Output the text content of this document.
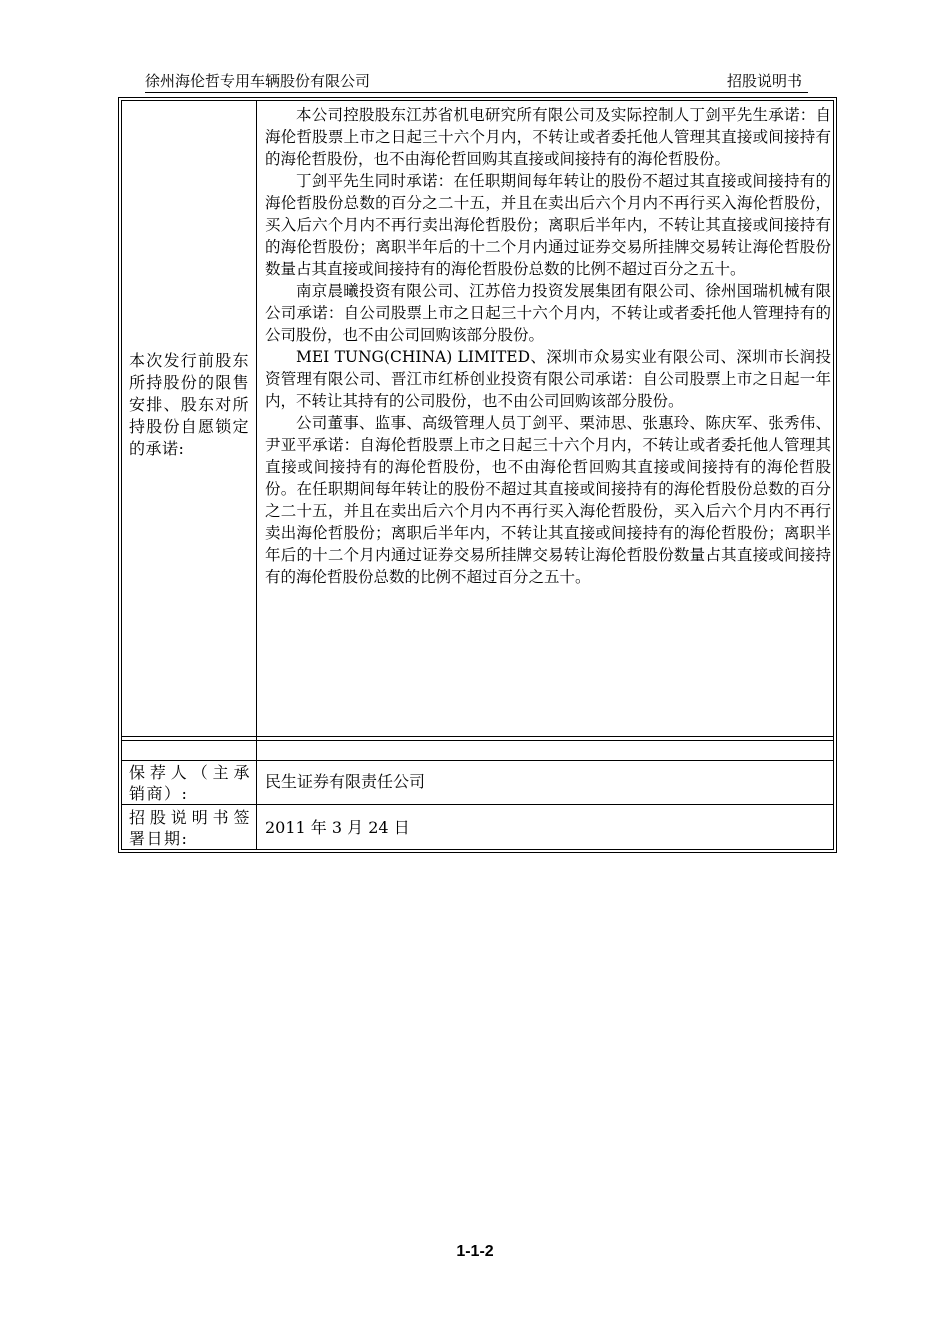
徐州海伦哲专用车辆股份有限公司	招股说明书
本次发行前股东所持股份的限售安排、股东对所持股份自愿锁定的承诺:

本公司控股股东江苏省机电研究所有限公司及实际控制人丁剑平先生承诺：自海伦哲股票上市之日起三十六个月内，不转让或者委托他人管理其直接或间接持有的海伦哲股份，也不由海伦哲回购其直接或间接持有的海伦哲股份。

丁剑平先生同时承诺：在任职期间每年转让的股份不超过其直接或间接持有的海伦哲股份总数的百分之二十五，并且在卖出后六个月内不再行买入海伦哲股份，买入后六个月内不再行卖出海伦哲股份；离职后半年内，不转让其直接或间接持有的海伦哲股份；离职半年后的十二个月内通过证券交易所挂牌交易转让海伦哲股份数量占其直接或间接持有的海伦哲股份总数的比例不超过百分之五十。

南京晨曦投资有限公司、江苏倍力投资发展集团有限公司、徐州国瑞机械有限公司承诺：自公司股票上市之日起三十六个月内，不转让或者委托他人管理持有的公司股份，也不由公司回购该部分股份。

MEI TUNG(CHINA) LIMITED、深圳市众易实业有限公司、深圳市长润投资管理有限公司、晋江市红桥创业投资有限公司承诺：自公司股票上市之日起一年内，不转让其持有的公司股份，也不由公司回购该部分股份。

公司董事、监事、高级管理人员丁剑平、栗沛思、张惠玲、陈庆军、张秀伟、尹亚平承诺：自海伦哲股票上市之日起三十六个月内，不转让或者委托他人管理其直接或间接持有的海伦哲股份，也不由海伦哲回购其直接或间接持有的海伦哲股份。在任职期间每年转让的股份不超过其直接或间接持有的海伦哲股份总数的百分之二十五，并且在卖出后六个月内不再行买入海伦哲股份，买入后六个月内不再行卖出海伦哲股份；离职后半年内，不转让其直接或间接持有的海伦哲股份；离职半年后的十二个月内通过证券交易所挂牌交易转让海伦哲股份数量占其直接或间接持有的海伦哲股份总数的比例不超过百分之五十。

保荐人（主承销商）:
民生证券有限责任公司
招股说明书签署日期:
2011 年 3 月 24 日
1-1-2
